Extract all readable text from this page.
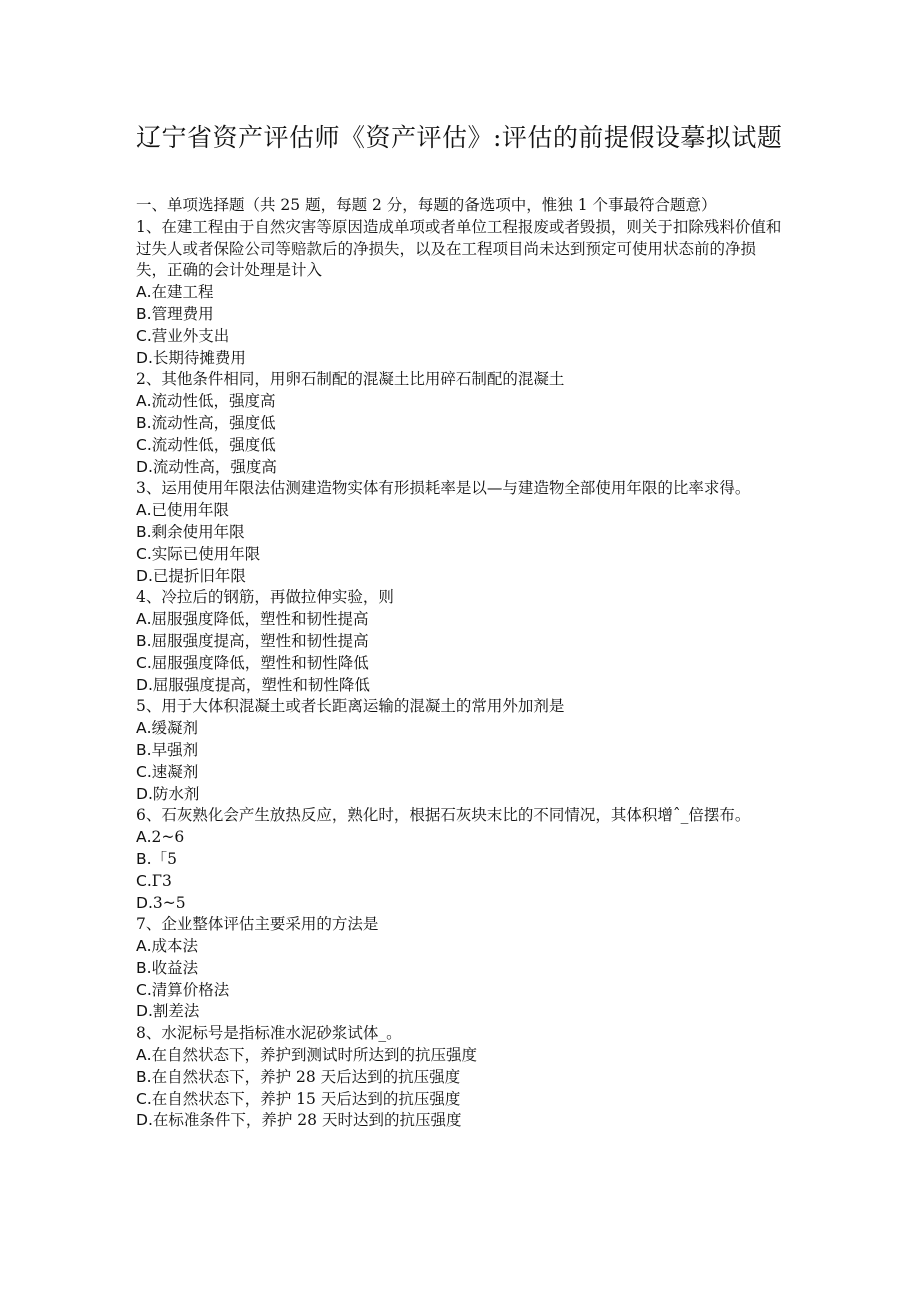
辽宁省资产评估师《资产评估》:评估的前提假设摹拟试题
一、单项选择题（共 25 题，每题 2 分，每题的备选项中，惟独 1 个事最符合题意）
1、在建工程由于自然灾害等原因造成单项或者单位工程报废或者毁损，则关于扣除残料价值和过失人或者保险公司等赔款后的净损失，以及在工程项目尚未达到预定可使用状态前的净损失，正确的会计处理是计入
A.在建工程
B.管理费用
C.营业外支出
D.长期待摊费用
2、其他条件相同，用卵石制配的混凝土比用碎石制配的混凝土
A.流动性低，强度高
B.流动性高，强度低
C.流动性低，强度低
D.流动性高，强度高
3、运用使用年限法估测建造物实体有形损耗率是以—与建造物全部使用年限的比率求得。
A.已使用年限
B.剩余使用年限
C.实际已使用年限
D.已提折旧年限
4、冷拉后的钢筋，再做拉伸实验，则
A.屈服强度降低，塑性和韧性提高
B.屈服强度提高，塑性和韧性提高
C.屈服强度降低，塑性和韧性降低
D.屈服强度提高，塑性和韧性降低
5、用于大体积混凝土或者长距离运输的混凝土的常用外加剂是
A.缓凝剂
B.早强剂
C.速凝剂
D.防水剂
6、石灰熟化会产生放热反应，熟化时，根据石灰块末比的不同情况，其体积增ˆ_倍摆布。
A.2~6
B.「5
C.Г3
D.3~5
7、企业整体评估主要采用的方法是
A.成本法
B.收益法
C.清算价格法
D.割差法
8、水泥标号是指标准水泥砂浆试体_。
A.在自然状态下，养护到测试时所达到的抗压强度
B.在自然状态下，养护 28 天后达到的抗压强度
C.在自然状态下，养护 15 天后达到的抗压强度
D.在标准条件下，养护 28 天时达到的抗压强度
